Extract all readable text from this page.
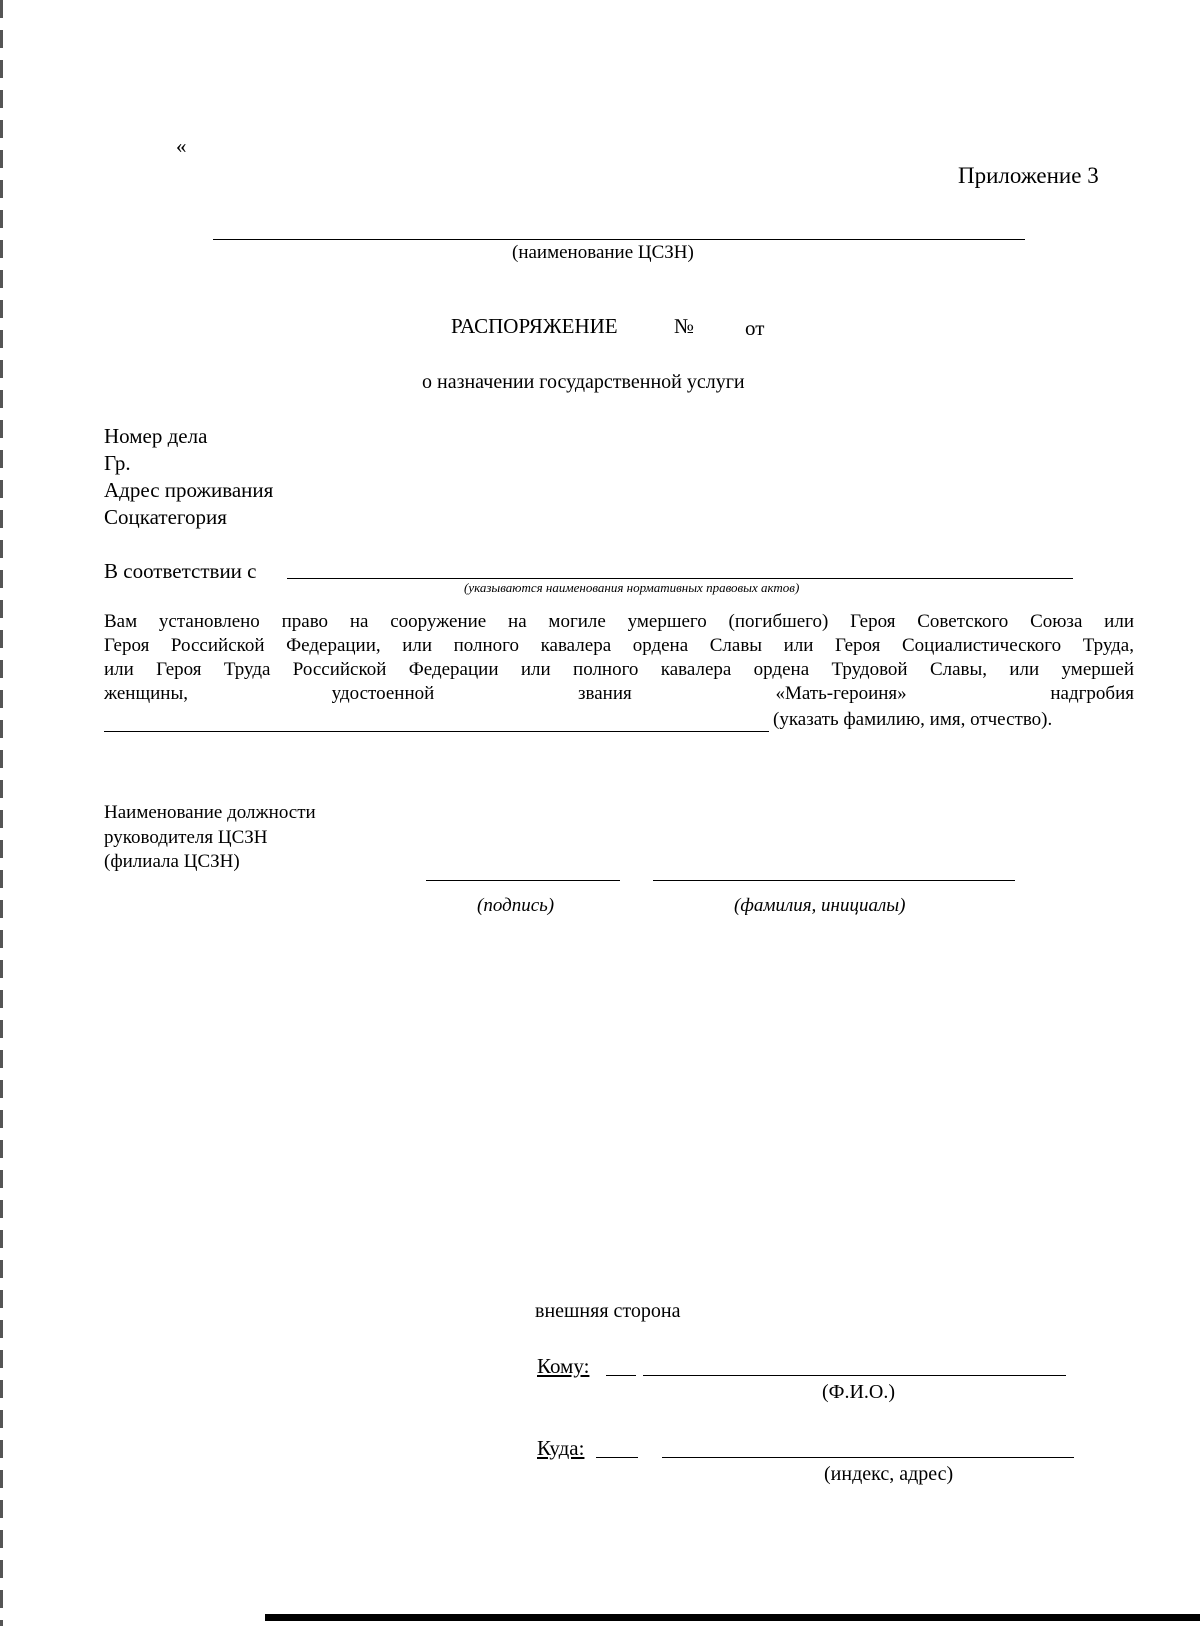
«
Приложение 3
(наименование ЦСЗН)
РАСПОРЯЖЕНИЕ	№ от
о назначении государственной услуги
Номер дела
Гр.
Адрес проживания
Соцкатегория
В соответствии с
(указываются наименования нормативных правовых актов)
Вам установлено право на сооружение на могиле умершего (погибшего) Героя Советского Союза или
Героя Российской Федерации, или полного кавалера ордена Славы или Героя Социалистического Труда,
или Героя Труда Российской Федерации или полного кавалера ордена Трудовой Славы, или умершей
женщины, удостоенной звания «Мать-героиня» надгробия
(указать фамилию, имя, отчество).
Наименование должности
руководителя ЦСЗН
(филиала ЦСЗН)
(подпись)	(фамилия, инициалы)
внешняя сторона
Кому:
(Ф.И.О.)
Куда:
(индекс, адрес)
